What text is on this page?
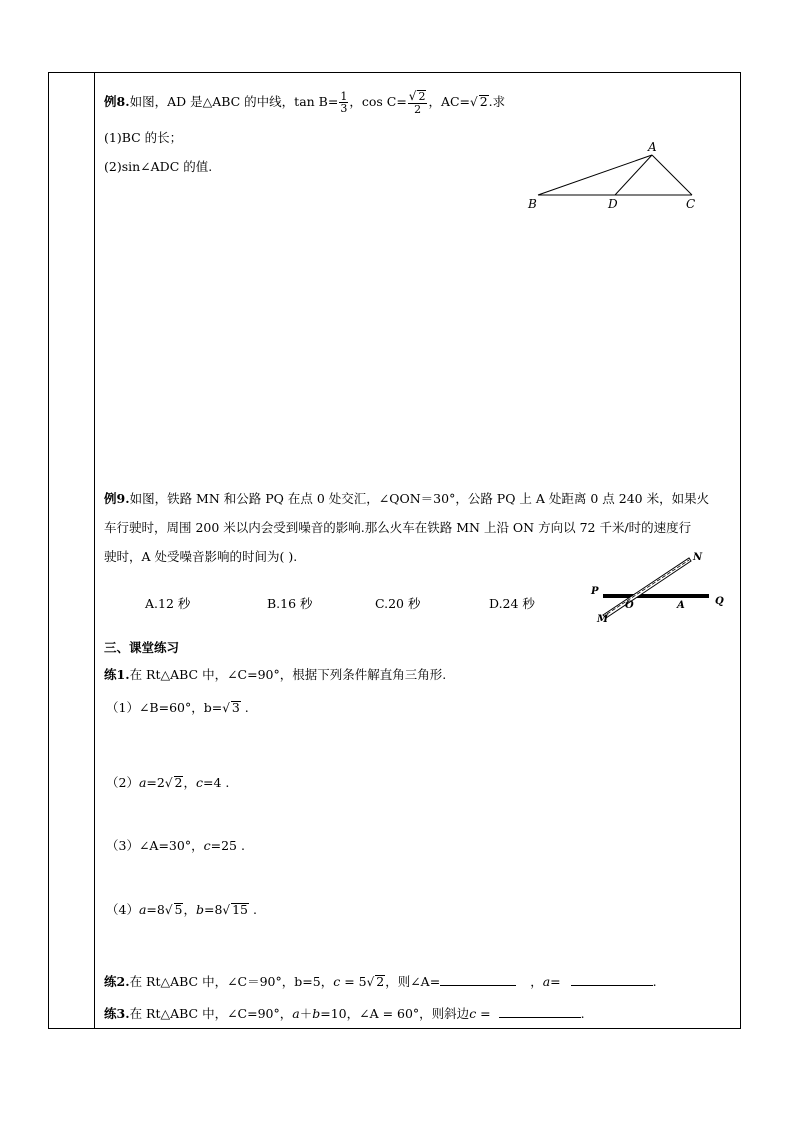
例8.如图，AD 是△ABC 的中线，$\tan B= \frac{1}{3}$ ，$\cos C= \frac{√ 2}{2}$ ，AC=√ 2.求
(1)BC 的长；
(2)sin∠ADC 的值.
A
B	D	C
例9.如图，铁路 MN 和公路 PQ 在点 0 处交汇，∠QON＝30°，公路 PQ 上 A 处距离 0 点 240 米，如果火
车行驶时，周围 200 米以内会受到噪音的影响.那么火车在铁路 MN 上沿 ON 方向以 72 千米/时的速度行
驶时，A 处受噪音影响的时间为( ).
A.12 秒	B.16 秒	C.20 秒	D.24 秒
P
Q
O	A
M
N
三、课堂练习
练1.在 Rt△ABC 中，∠C=90°，根据下列条件解直角三角形.
（1）∠B=60°，b=√ 3 .
（2）a=2√ 2，c=4 .
（3）∠A=30°，c=25 .
（4）a=8√ 5，b=8√ 15 .
练2.在 Rt△ABC 中，∠C＝90°，b=5，c = 5√ 2，则∠A=	，a=	.
练3.在 Rt△ABC 中，∠C=90°，a＋b=10，∠A = 60°，则斜边c =	.
